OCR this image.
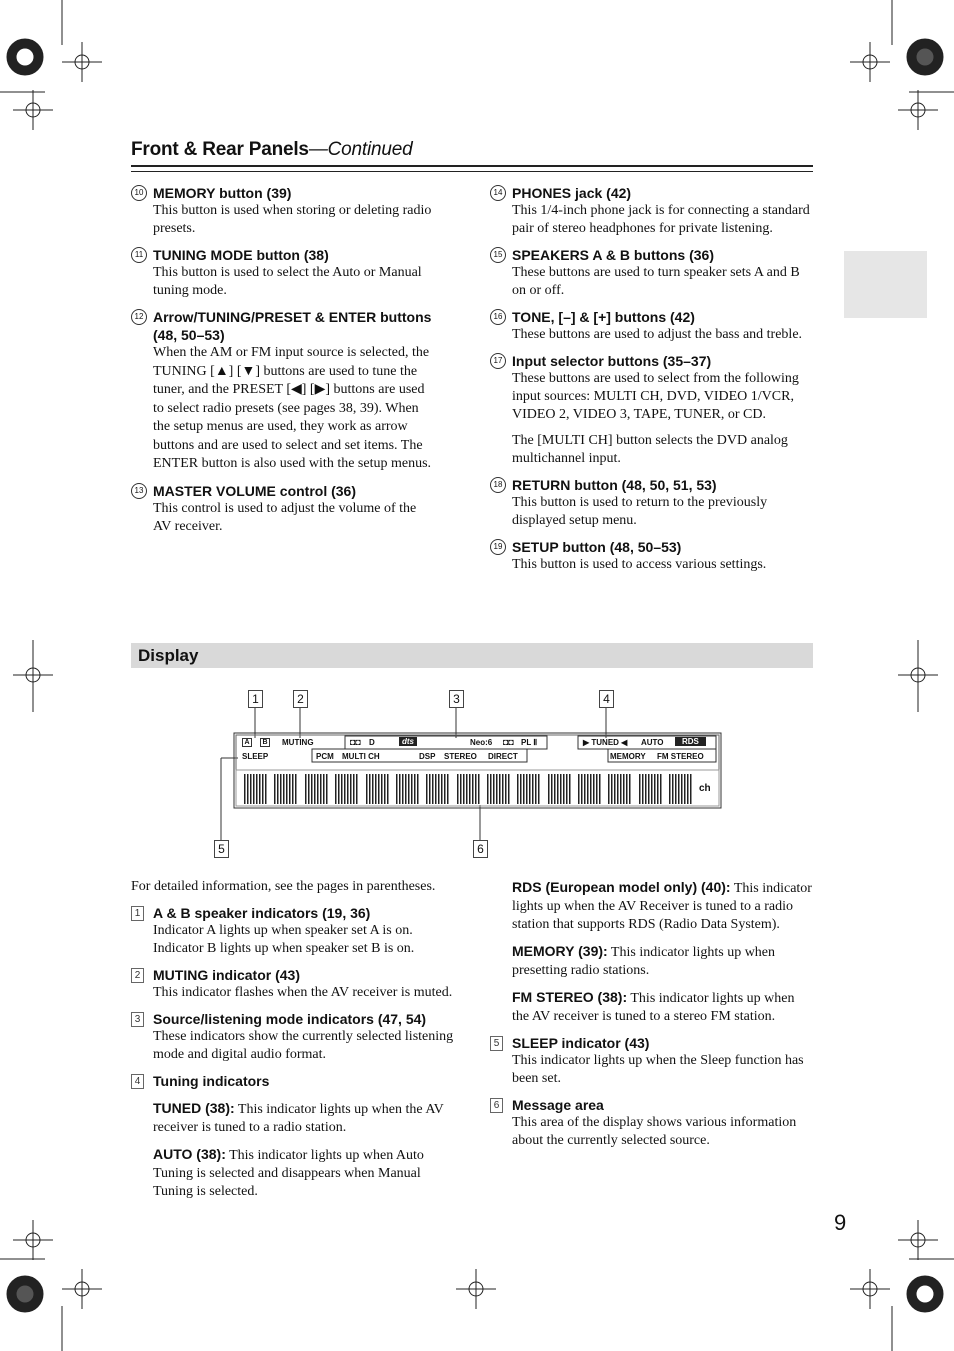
Front & Rear Panels—Continued
10 MEMORY button (39)
This button is used when storing or deleting radio presets.
11 TUNING MODE button (38)
This button is used to select the Auto or Manual tuning mode.
12 Arrow/TUNING/PRESET & ENTER buttons (48, 50–53)
When the AM or FM input source is selected, the TUNING [▲] [▼] buttons are used to tune the tuner, and the PRESET [◀] [▶] buttons are used to select radio presets (see pages 38, 39). When the setup menus are used, they work as arrow buttons and are used to select and set items. The ENTER button is also used with the setup menus.
13 MASTER VOLUME control (36)
This control is used to adjust the volume of the AV receiver.
14 PHONES jack (42)
This 1/4-inch phone jack is for connecting a standard pair of stereo headphones for private listening.
15 SPEAKERS A & B buttons (36)
These buttons are used to turn speaker sets A and B on or off.
16 TONE, [–] & [+] buttons (42)
These buttons are used to adjust the bass and treble.
17 Input selector buttons (35–37)

These buttons are used to select from the following input sources: MULTI CH, DVD, VIDEO 1/VCR, VIDEO 2, VIDEO 3, TAPE, TUNER, or CD.

The [MULTI CH] button selects the DVD analog multichannel input.

18 RETURN button (48, 50, 51, 53)
This button is used to return to the previously displayed setup menu.
19 SETUP button (48, 50–53)
This button is used to access various settings.
Display
1	2	3	4
5	6
A	B	MUTING
SLEEP
◘◘ D	dts	Neo:6 ◘◘ PL Ⅱ
PCM MULTI CH	DSP STEREO DIRECT
▶ TUNED ◀ AUTO	RDS
MEMORY FM STEREO
ch

For detailed information, see the pages in parentheses.

1 A & B speaker indicators (19, 36)
Indicator A lights up when speaker set A is on. Indicator B lights up when speaker set B is on.
2 MUTING indicator (43)
This indicator flashes when the AV receiver is muted.
3 Source/listening mode indicators (47, 54)
These indicators show the currently selected listening mode and digital audio format.
4 Tuning indicators

TUNED (38): This indicator lights up when the AV receiver is tuned to a radio station.

AUTO (38): This indicator lights up when Auto Tuning is selected and disappears when Manual Tuning is selected.

RDS (European model only) (40): This indicator lights up when the AV Receiver is tuned to a radio station that supports RDS (Radio Data System).

MEMORY (39): This indicator lights up when presetting radio stations.

FM STEREO (38): This indicator lights up when the AV receiver is tuned to a stereo FM station.

5 SLEEP indicator (43)
This indicator lights up when the Sleep function has been set.
6 Message area
This area of the display shows various information about the currently selected source.
9
